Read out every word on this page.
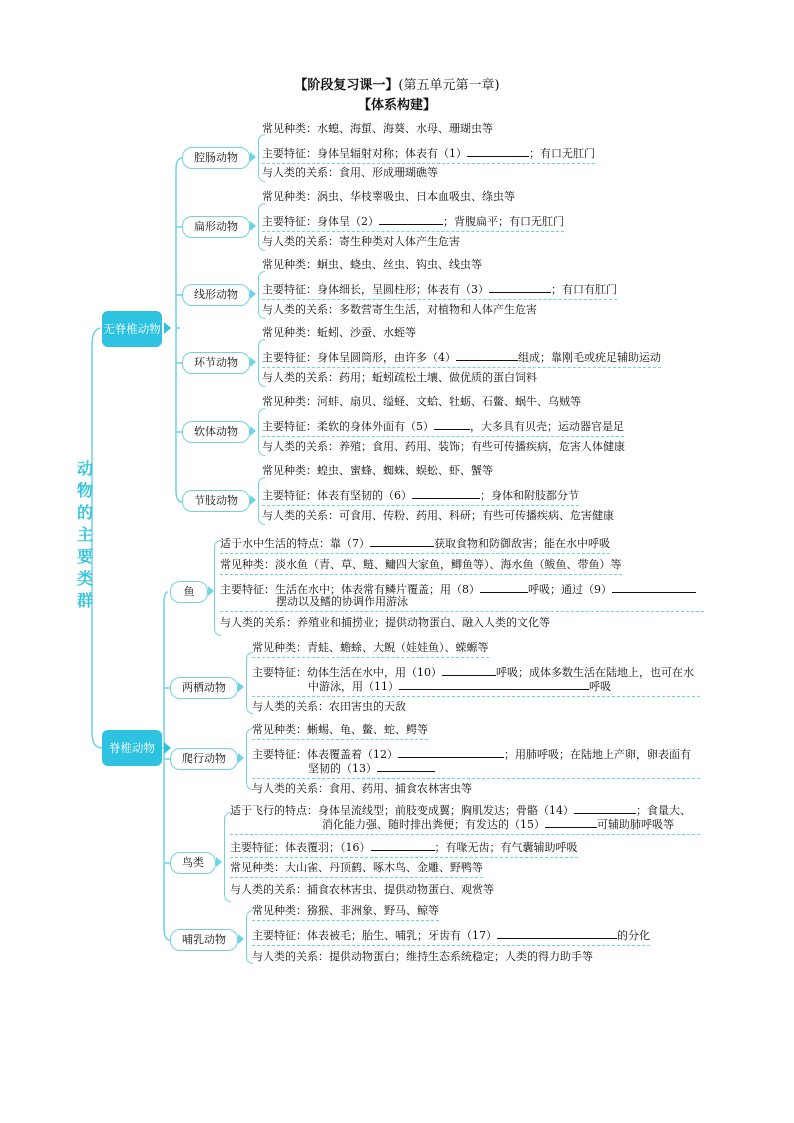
【阶段复习课一】(第五单元第一章)
【体系构建】
动
物
的
主
要
类
群
无脊椎动物
脊椎动物
腔肠动物
常见种类：水螅、海蜇、海葵、水母、珊瑚虫等
主要特征：身体呈辐射对称；体表有（1）	；有口无肛门
与人类的关系：食用、形成珊瑚礁等
扁形动物
常见种类：涡虫、华枝睾吸虫、日本血吸虫、绦虫等
主要特征：身体呈（2）	；背腹扁平；有口无肛门
与人类的关系：寄生种类对人体产生危害
线形动物
常见种类：蛔虫、蛲虫、丝虫、钩虫、线虫等
主要特征：身体细长，呈圆柱形；体表有（3）	；有口有肛门
与人类的关系：多数营寄生生活，对植物和人体产生危害
环节动物
常见种类：蚯蚓、沙蚕、水蛭等
主要特征：身体呈圆筒形，由许多（4）	组成；靠刚毛或疣足辅助运动
与人类的关系：药用；蚯蚓疏松土壤、做优质的蛋白饲料
软体动物
常见种类：河蚌、扇贝、缢蛏、文蛤、牡蛎、石鳖、蜗牛、乌贼等
主要特征：柔软的身体外面有（5）	，大多具有贝壳；运动器官是足
与人类的关系：养殖；食用、药用、装饰；有些可传播疾病，危害人体健康
节肢动物
常见种类：蝗虫、蜜蜂、蜘蛛、蜈蚣、虾、蟹等
主要特征：体表有坚韧的（6）	；身体和附肢都分节
与人类的关系：可食用、传粉、药用、科研；有些可传播疾病、危害健康
鱼
适于水中生活的特点：靠（7）	获取食物和防御敌害；能在水中呼吸
常见种类：淡水鱼（青、草、鲢、鳙四大家鱼，鲫鱼等）、海水鱼（鲅鱼、带鱼）等
主要特征：生活在水中；体表常有鳞片覆盖；用（8）	呼吸；通过（9）
摆动以及鳍的协调作用游泳
与人类的关系：养殖业和捕捞业；提供动物蛋白、融入人类的文化等
两栖动物
常见种类：青蛙、蟾蜍、大鲵（娃娃鱼）、蝾螈等
主要特征：幼体生活在水中，用（10）	呼吸；成体多数生活在陆地上，也可在水
中游泳，用（11）	呼吸
与人类的关系：农田害虫的天敌
爬行动物
常见种类：蜥蜴、龟、鳖、蛇、鳄等
主要特征：体表覆盖着（12）	；用肺呼吸；在陆地上产卵，卵表面有
坚韧的（13）
与人类的关系：食用、药用、捕食农林害虫等
鸟类
适于飞行的特点：身体呈流线型；前肢变成翼；胸肌发达；骨骼（14）	；食量大、
消化能力强、随时排出粪便；有发达的（15）	可辅助肺呼吸等
主要特征：体表覆羽；（16）	；有喙无齿；有气囊辅助呼吸
常见种类：大山雀、丹顶鹤、啄木鸟、金雕、野鸭等
与人类的关系：捕食农林害虫、提供动物蛋白、观赏等
哺乳动物
常见种类：猕猴、非洲象、野马、鲸等
主要特征：体表被毛；胎生、哺乳；牙齿有（17）	的分化
与人类的关系：提供动物蛋白；维持生态系统稳定；人类的得力助手等
